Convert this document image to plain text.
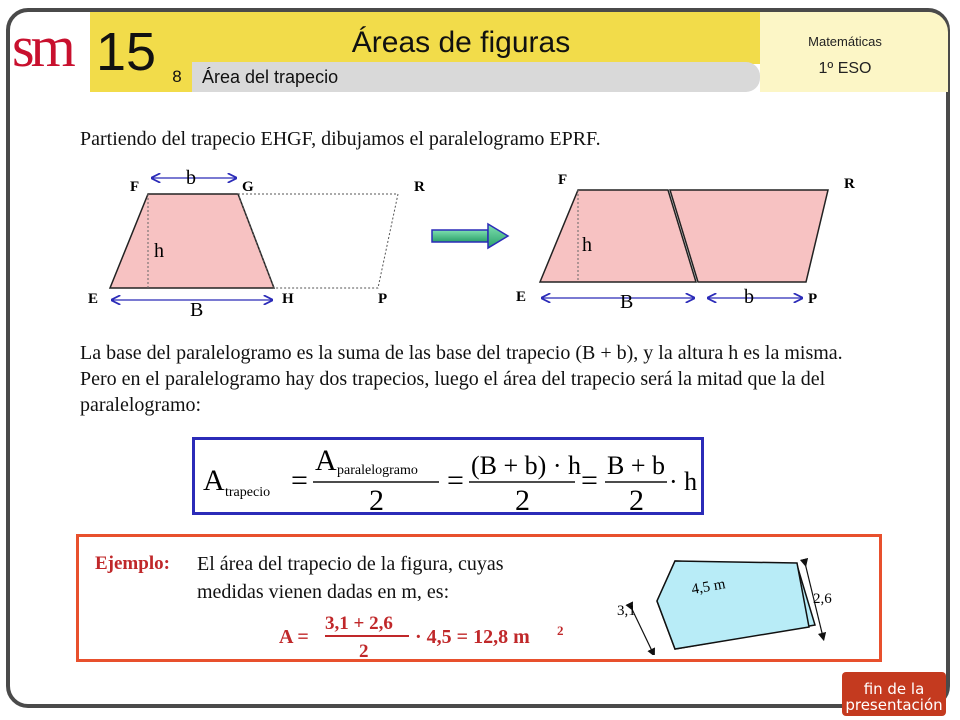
sm 15	Áreas de figuras
8	Área del trapecio
Matemáticas
1º ESO
Partiendo del trapecio EHGF, dibujamos el paralelogramo EPRF.
F	G	R
b
h
E	H	P
B
F	R
h
E	B	b	P
La base del paralelogramo es la suma de las base del trapecio (B + b), y la altura h es la misma. Pero en el paralelogramo hay dos trapecios, luego el área del trapecio será la mitad que la del paralelogramo:
A trapecio =
A paralelogramo
2
= (B + b) · h
2
= B + b
2
· h
Ejemplo: El área del trapecio de la figura, cuyas
medidas vienen dadas en m, es:
A =
3,1 + 2,6
2
· 4,5 = 12,8 m 2
4,5 m
3,1
2,6
fin de la
presentación
